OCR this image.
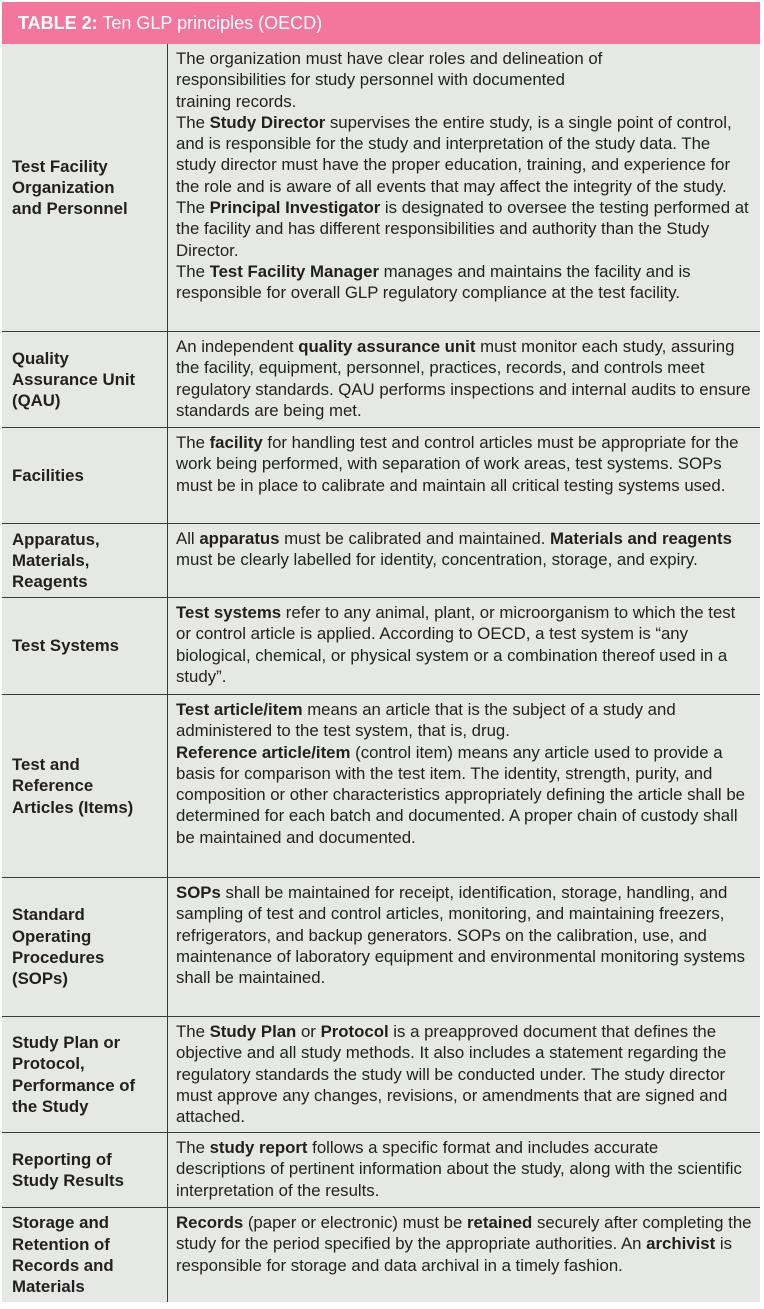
TABLE 2: Ten GLP principles (OECD)
Test Facility Organization and Personnel

The organization must have clear roles and delineation of responsibilities for study personnel with documented training records.

The Study Director supervises the entire study, is a single point of control, and is responsible for the study and interpretation of the study data. The study director must have the proper education, training, and experience for the role and is aware of all events that may affect the integrity of the study.

The Principal Investigator is designated to oversee the testing performed at the facility and has different responsibilities and authority than the Study Director.

The Test Facility Manager manages and maintains the facility and is responsible for overall GLP regulatory compliance at the test facility.

Quality Assurance Unit (QAU)

An independent quality assurance unit must monitor each study, assuring the facility, equipment, personnel, practices, records, and controls meet regulatory standards. QAU performs inspections and internal audits to ensure standards are being met.

Facilities

The facility for handling test and control articles must be appropriate for the work being performed, with separation of work areas, test systems. SOPs must be in place to calibrate and maintain all critical testing systems used.

Apparatus, Materials, Reagents

All apparatus must be calibrated and maintained. Materials and reagents must be clearly labelled for identity, concentration, storage, and expiry.

Test Systems

Test systems refer to any animal, plant, or microorganism to which the test or control article is applied. According to OECD, a test system is “any biological, chemical, or physical system or a combination thereof used in a study”.

Test and Reference Articles (Items)

Test article/item means an article that is the subject of a study and administered to the test system, that is, drug.

Reference article/item (control item) means any article used to provide a basis for comparison with the test item. The identity, strength, purity, and composition or other characteristics appropriately defining the article shall be determined for each batch and documented. A proper chain of custody shall be maintained and documented.

Standard Operating Procedures (SOPs)

SOPs shall be maintained for receipt, identification, storage, handling, and sampling of test and control articles, monitoring, and maintaining freezers, refrigerators, and backup generators. SOPs on the calibration, use, and maintenance of laboratory equipment and environmental monitoring systems shall be maintained.

Study Plan or Protocol, Performance of the Study

The Study Plan or Protocol is a preapproved document that defines the objective and all study methods. It also includes a statement regarding the regulatory standards the study will be conducted under. The study director must approve any changes, revisions, or amendments that are signed and attached.

Reporting of Study Results

The study report follows a specific format and includes accurate descriptions of pertinent information about the study, along with the scientific interpretation of the results.

Storage and Retention of Records and Materials

Records (paper or electronic) must be retained securely after completing the study for the period specified by the appropriate authorities. An archivist is responsible for storage and data archival in a timely fashion.
